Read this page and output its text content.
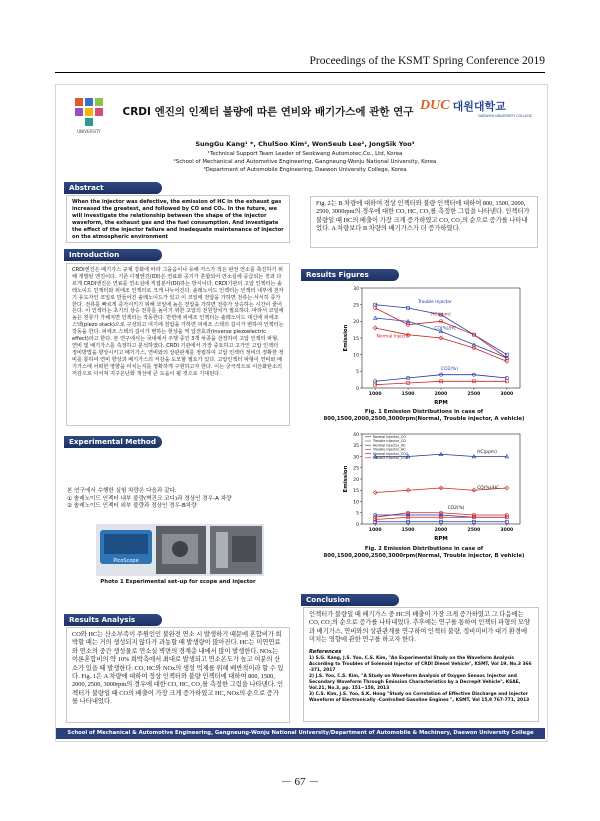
Proceedings of the KSMT Spring Conference 2019
UNIVERSITY
CRDI 엔진의 인젝터 불량에 따른 연비와 배기가스에 관한 연구 DUC 대원대학교
DAEWON UNIVERSITY COLLEGE
SungGu Kang¹ *, ChulSoo Kim², WonSeub Lee², JongSik Yoo³
¹Technical Support Team Leader of Seokwang Automotec,Co., Ltd, Korea
²School of Mechanical and Automotive Engineering, Gangneung-Wonju National University, Korea
³Department of Automobile Engineering, Daewon University College, Korea
Abstract
When the injector was defective, the emission of HC in the exhaust gas increased the greatest, and followed by CO and CO₂. In the future, we will investigate the relationship between the shape of the injector waveform, the exhaust gas and the fuel consumption. And investigate the effect of the injector failure and inadequate maintenance of injector on the atmospheric environment
Fig. 2는 B 차량에 대하여 정상 인젝터와 불량 인젝터에 대하여 800, 1500, 2000, 2500, 3000rpm의 경우에 대한 CO, HC, CO₂를 측정한 그림을 나타낸다. 인젝터가 불량일 때 HC의 배출이 가장 크게 증가하였고 CO, CO₂의 순으로 증가를 나타내었다. A 차량보다 B 차량의 배기가스가 더 증가하였다.
Introduction
CRDI엔진은 배기가스 규제 강화에 따라 그을음이나 유해 가스가 적은 완전 연소를 촉진하기 위해 개발된 엔진이다. 기존 디젤엔진(IDI)은 연료와 공기가 혼합되어 연소실에 공급되는 것과 다르게 CRDI엔진은 연료를 연소실에 직접분사(DI)하는 방식이다. CRDI기관의 고압 인젝터는 솔레노이드 인젝터와 피에조 인젝터로 크게 나누어진다. 솔레노이드 인젝터는 인젝터 내부에 전자기 유도자인 코일로 만들어진 솔레노이드가 있고 이 코일에 전압을 가하면 전류는 서서히 증가한다. 전류를 빠르게 증가시키기 위해 코일에 높은 전압을 가하면 전류가 상승하는 시간이 줄어든다. 이 인젝터는 초기의 상승 전류를 높이기 위한 고압의 전원장치가 필요하다. 따라서 코일에 높은 전류가 가해지면 인젝터는 작동한다. 반면에 피에조 인젝터는 솔레노이드 대신에 피에조 스택(piezo stack)으로 구성되고 여기에 전압을 가하면 피에조 스택의 길이가 변하여 인젝터는 작동을 한다. 피에조 스택의 길이가 변하는 현상을 역 압전효과(inverse piezoelectric effect)라고 한다. 본 연구에서는 국내에서 주행 중인 3개 차종을 선정하여 고압 인젝터 파형, 연비 및 배기가스를 측정하고 분석하였다. CRDI 기관에서 가장 중요하고 고가인 고압 인젝터 정비방법을 향상시키고 배기가스, 연비와의 상관관계를 정립하여 고압 인젝터 정비의 정확한 정비를 통하여 연비 향상과 배기가스의 저감을 도모할 필요가 있다. 고압인젝터 파형이 연비와 배기가스에 어떠한 영향을 미치는지를 정확하게 구현하고자 한다. 이는 궁극적으로 이산화탄소의 저감으로 이어져 지구온난화 개선에 큰 도움이 될 것으로 기대된다.
Experimental Method
본 연구에서 수행한 실험 차량은 다음과 같다.
① 솔레노이드 인젝터 내부 불량(벽건크 코디)과 정상인 경우-A 차량
② 솔레노이드 인젝터 외부 불량과 정상인 경우-B차량
PicoScope
Photo 1 Experimental set-up for scope and injector
Results Analysis
CO와 HC는 산소부족이 주원인인 불완전 연소 시 발생하기 때문에 혼합비가 희박할 때는 거의 생성되지 않다가 과농할 때 발생량이 많아진다. HC는 미연연료와 연소의 중간 생성물로 연소실 벽면의 경계층 내에서 많이 발생한다. NOx는 이론혼합비의 약 10% 희박측에서 최대로 발생되고 연소온도가 높고 여분의 산소가 있을 때 발생한다. CO, HC와 NOx의 생성 억제를 위해 배반적이라 할 수 있다. Fig. 1은 A 차량에 대하여 정상 인젝터와 불량 인젝터에 대하여 800, 1500, 2000, 2500, 3000rpm의 경우에 대한 CO, HC, CO₂를 측정한 그림을 나타낸다. 인젝터가 불량일 때 CO의 배출이 가장 크게 증가하였고 HC, NOx의 순으로 증가를 나타내었다.
Results Figures
0
5
10
15
20
25
30
1000	1500	2000	2500	3000
RPM
Emission
Trouble Injector
HC(ppm)
CO(%)/HC
Normal Injector
CO2(%)
Fig. 1 Emission Distributions in case of 800,1500,2000,2500,3000rpm(Normal, Trouble injector, A vehicle)
0
5
10
15
20
25
30
35
40
1000	1500	2000	2500	3000
RPM
Emission
Normal injector_CO
Trouble injector_CO
Normal injector_HC
Trouble injector_HC
Normal injector_CO2
Trouble injector_CO2
HC(ppm)
CO(%)/HC
CO2(%)
Fig. 2 Emission Distributions in case of 800,1500,2000,2500,3000rpm(Normal, Trouble injector, B vehicle)
Conclusion
인젝터가 불량일 때 배기가스 중 HC의 배출이 가장 크게 증가하였고 그 다음에는 CO, CO₂의 순으로 증가를 나타내었다. 추후에는 연구를 통하여 인젝터 파형의 모양과 배기가스, 연비와의 상관관계를 연구하여 인젝터 불량, 정비미비가 대기 환경에 미치는 영향에 관한 연구를 하고자 한다.
References
1) S.G. Kang, J.S. Yoo, C.S. Kim, "An Experimental Study on the Waveform Analysis According to Troubles of Solenoid Injector of CRDI Diesel Vehicle", KSMT, Vol 19, No.3 366 -371, 2017
2) J.S. Yoo, C.S. Kim, "A Study on Waveform Analysis of Oxygen Sensor, Injector and Secondary Waveform Through Emission Characteristics by a Decrepit Vehicle", KSAE, Vol.21, No.3, pp. 151~158, 2013
3) C.S. Kim, J.S. Yoo, S.K. Hong "Study on Correlation of Effective Discharge and Injector Waveform of Electronically -Controlled Gasoline Engines ", KSMT, Vol 15,9 767-771, 2013
School of Mechanical & Automotive Engineering, Gangneung-Wonju National University/Department of Automobile & Machinery, Daewon University College
－ 67 －
